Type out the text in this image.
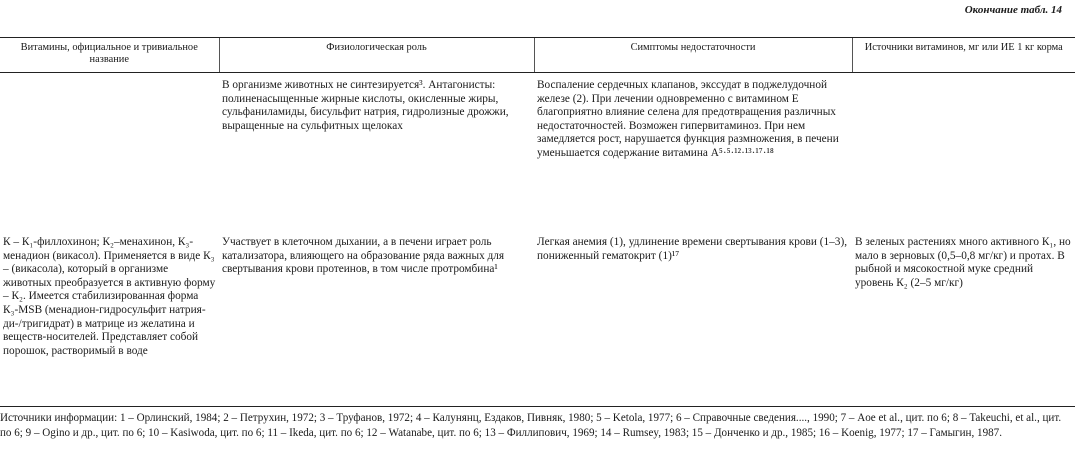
Окончание табл. 14
Витамины, официальное и тривиальное название	Физиологическая роль	Симптомы недостаточности	Источники витаминов, мг или ИЕ 1 кг корма
	В организме животных не синтезируется³. Антагонисты: полиненасыщенные жирные кислоты, окисленные жиры, сульфаниламиды, бисульфит натрия, гидролизные дрожжи, выращенные на сульфитных щелоках	Воспаление сердечных клапанов, экссудат в поджелудочной железе (2). При лечении одновременно с витамином Е благоприятно влияние селена для предотвращения различных недостаточностей. Возможен гипервитаминоз. При нем замедляется рост, нарушается функция размножения, в печени уменьшается содержание витамина А⁵·⁵·¹²·¹³·¹⁷·¹⁸	
К – К₁-филлохинон; К₂–менахинон, К₃-менадион (викасол). Применяется в виде К₃ – (викасола), который в организме животных преобразуется в активную форму – К₂. Имеется стабилизированная форма К₃-MSB (менадион-гидросульфит натрия-ди-/тригидрат) в матрице из желатина и веществ-носителей. Представляет собой порошок, растворимый в воде	Участвует в клеточном дыхании, а в печени играет роль катализатора, влияющего на образование ряда важных для свертывания крови протеинов, в том числе протромбина¹	Легкая анемия (1), удлинение времени свертывания крови (1–3), пониженный гематокрит (1)¹⁷	В зеленых растениях много активного К₁, но мало в зерновых (0,5–0,8 мг/кг) и протах. В рыбной и мясокостной муке средний уровень К₂ (2–5 мг/кг)

Источники информации: 1 – Орлинский, 1984; 2 – Петрухин, 1972; 3 – Труфанов, 1972; 4 – Калунянц, Ездаков, Пивняк, 1980; 5 – Ketola, 1977; 6 – Справочные сведения...., 1990; 7 – Aoe et al., цит. по 6; 8 – Takeuchi, et al., цит. по 6; 9 – Ogino и др., цит. по 6; 10 – Kasiwoda, цит. по 6; 11 – Ikeda, цит. по 6; 12 – Watanabe, цит. по 6; 13 – Филлипович, 1969; 14 – Rumsey, 1983; 15 – Донченко и др., 1985; 16 – Koenig, 1977; 17 – Гамыгин, 1987.
